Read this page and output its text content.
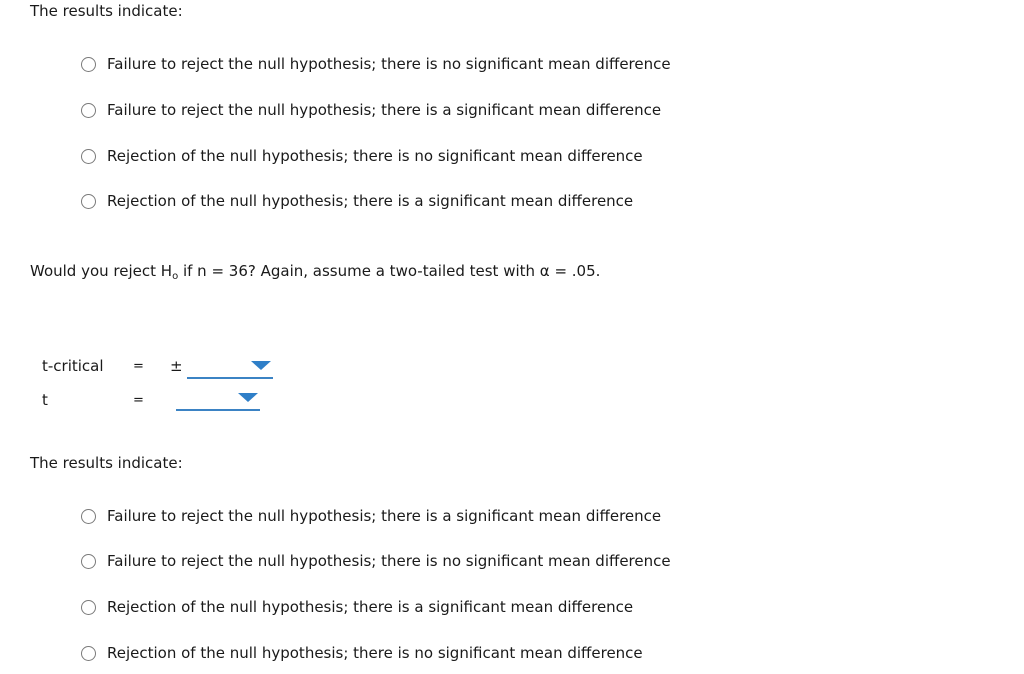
The results indicate:
Failure to reject the null hypothesis; there is no significant mean difference
Failure to reject the null hypothesis; there is a significant mean difference
Rejection of the null hypothesis; there is no significant mean difference
Rejection of the null hypothesis; there is a significant mean difference
Would you reject $H_o$ if n = 36? Again, assume a two-tailed test with α = .05.
t-critical = ±
t	=
The results indicate:
Failure to reject the null hypothesis; there is a significant mean difference
Failure to reject the null hypothesis; there is no significant mean difference
Rejection of the null hypothesis; there is a significant mean difference
Rejection of the null hypothesis; there is no significant mean difference
